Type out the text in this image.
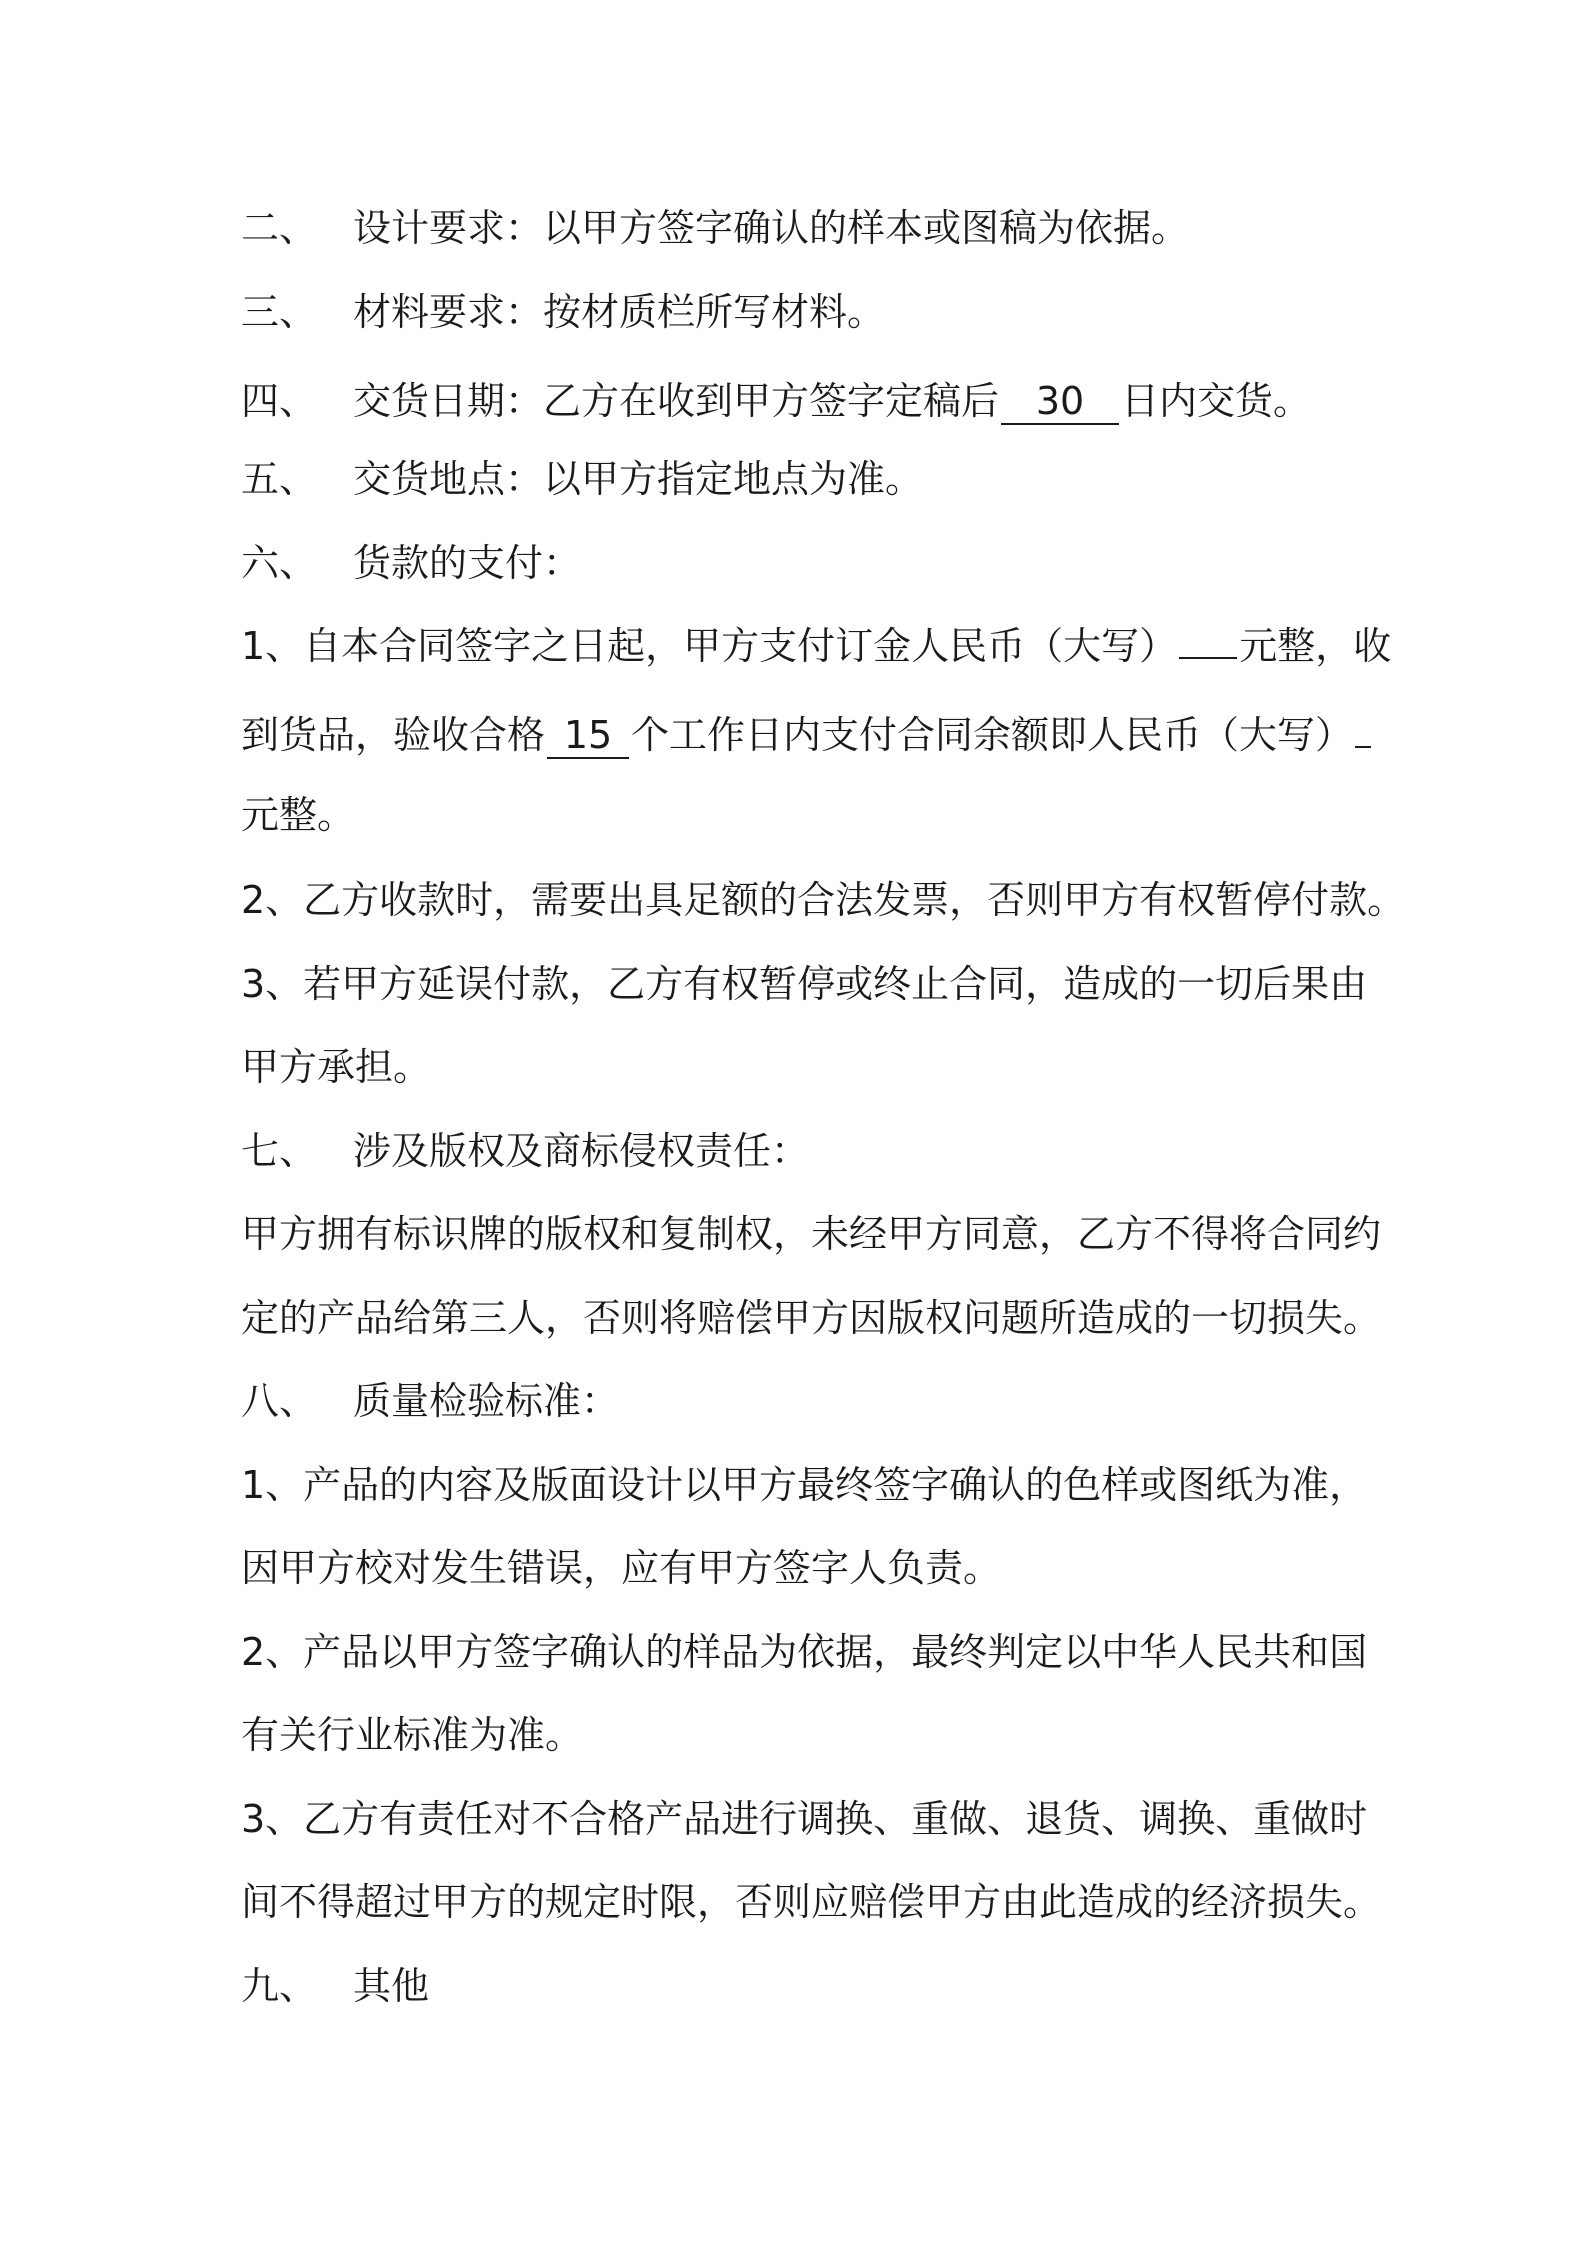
二、 设计要求：以甲方签字确认的样本或图稿为依据。
三、 材料要求：按材质栏所写材料。
四、 交货日期：乙方在收到甲方签字定稿后 30 日内交货。
五、 交货地点：以甲方指定地点为准。
六、 货款的支付：
1、自本合同签字之日起，甲方支付订金人民币（大写） 元整，收
到货品，验收合格 15 个工作日内支付合同余额即人民币（大写）
元整。
2、乙方收款时，需要出具足额的合法发票，否则甲方有权暂停付款。
3、若甲方延误付款，乙方有权暂停或终止合同，造成的一切后果由
甲方承担。
七、 涉及版权及商标侵权责任：
甲方拥有标识牌的版权和复制权，未经甲方同意，乙方不得将合同约
定的产品给第三人，否则将赔偿甲方因版权问题所造成的一切损失。
八、 质量检验标准：
1、产品的内容及版面设计以甲方最终签字确认的色样或图纸为准，
因甲方校对发生错误，应有甲方签字人负责。
2、产品以甲方签字确认的样品为依据，最终判定以中华人民共和国
有关行业标准为准。
3、乙方有责任对不合格产品进行调换、重做、退货、调换、重做时
间不得超过甲方的规定时限，否则应赔偿甲方由此造成的经济损失。
九、 其他
